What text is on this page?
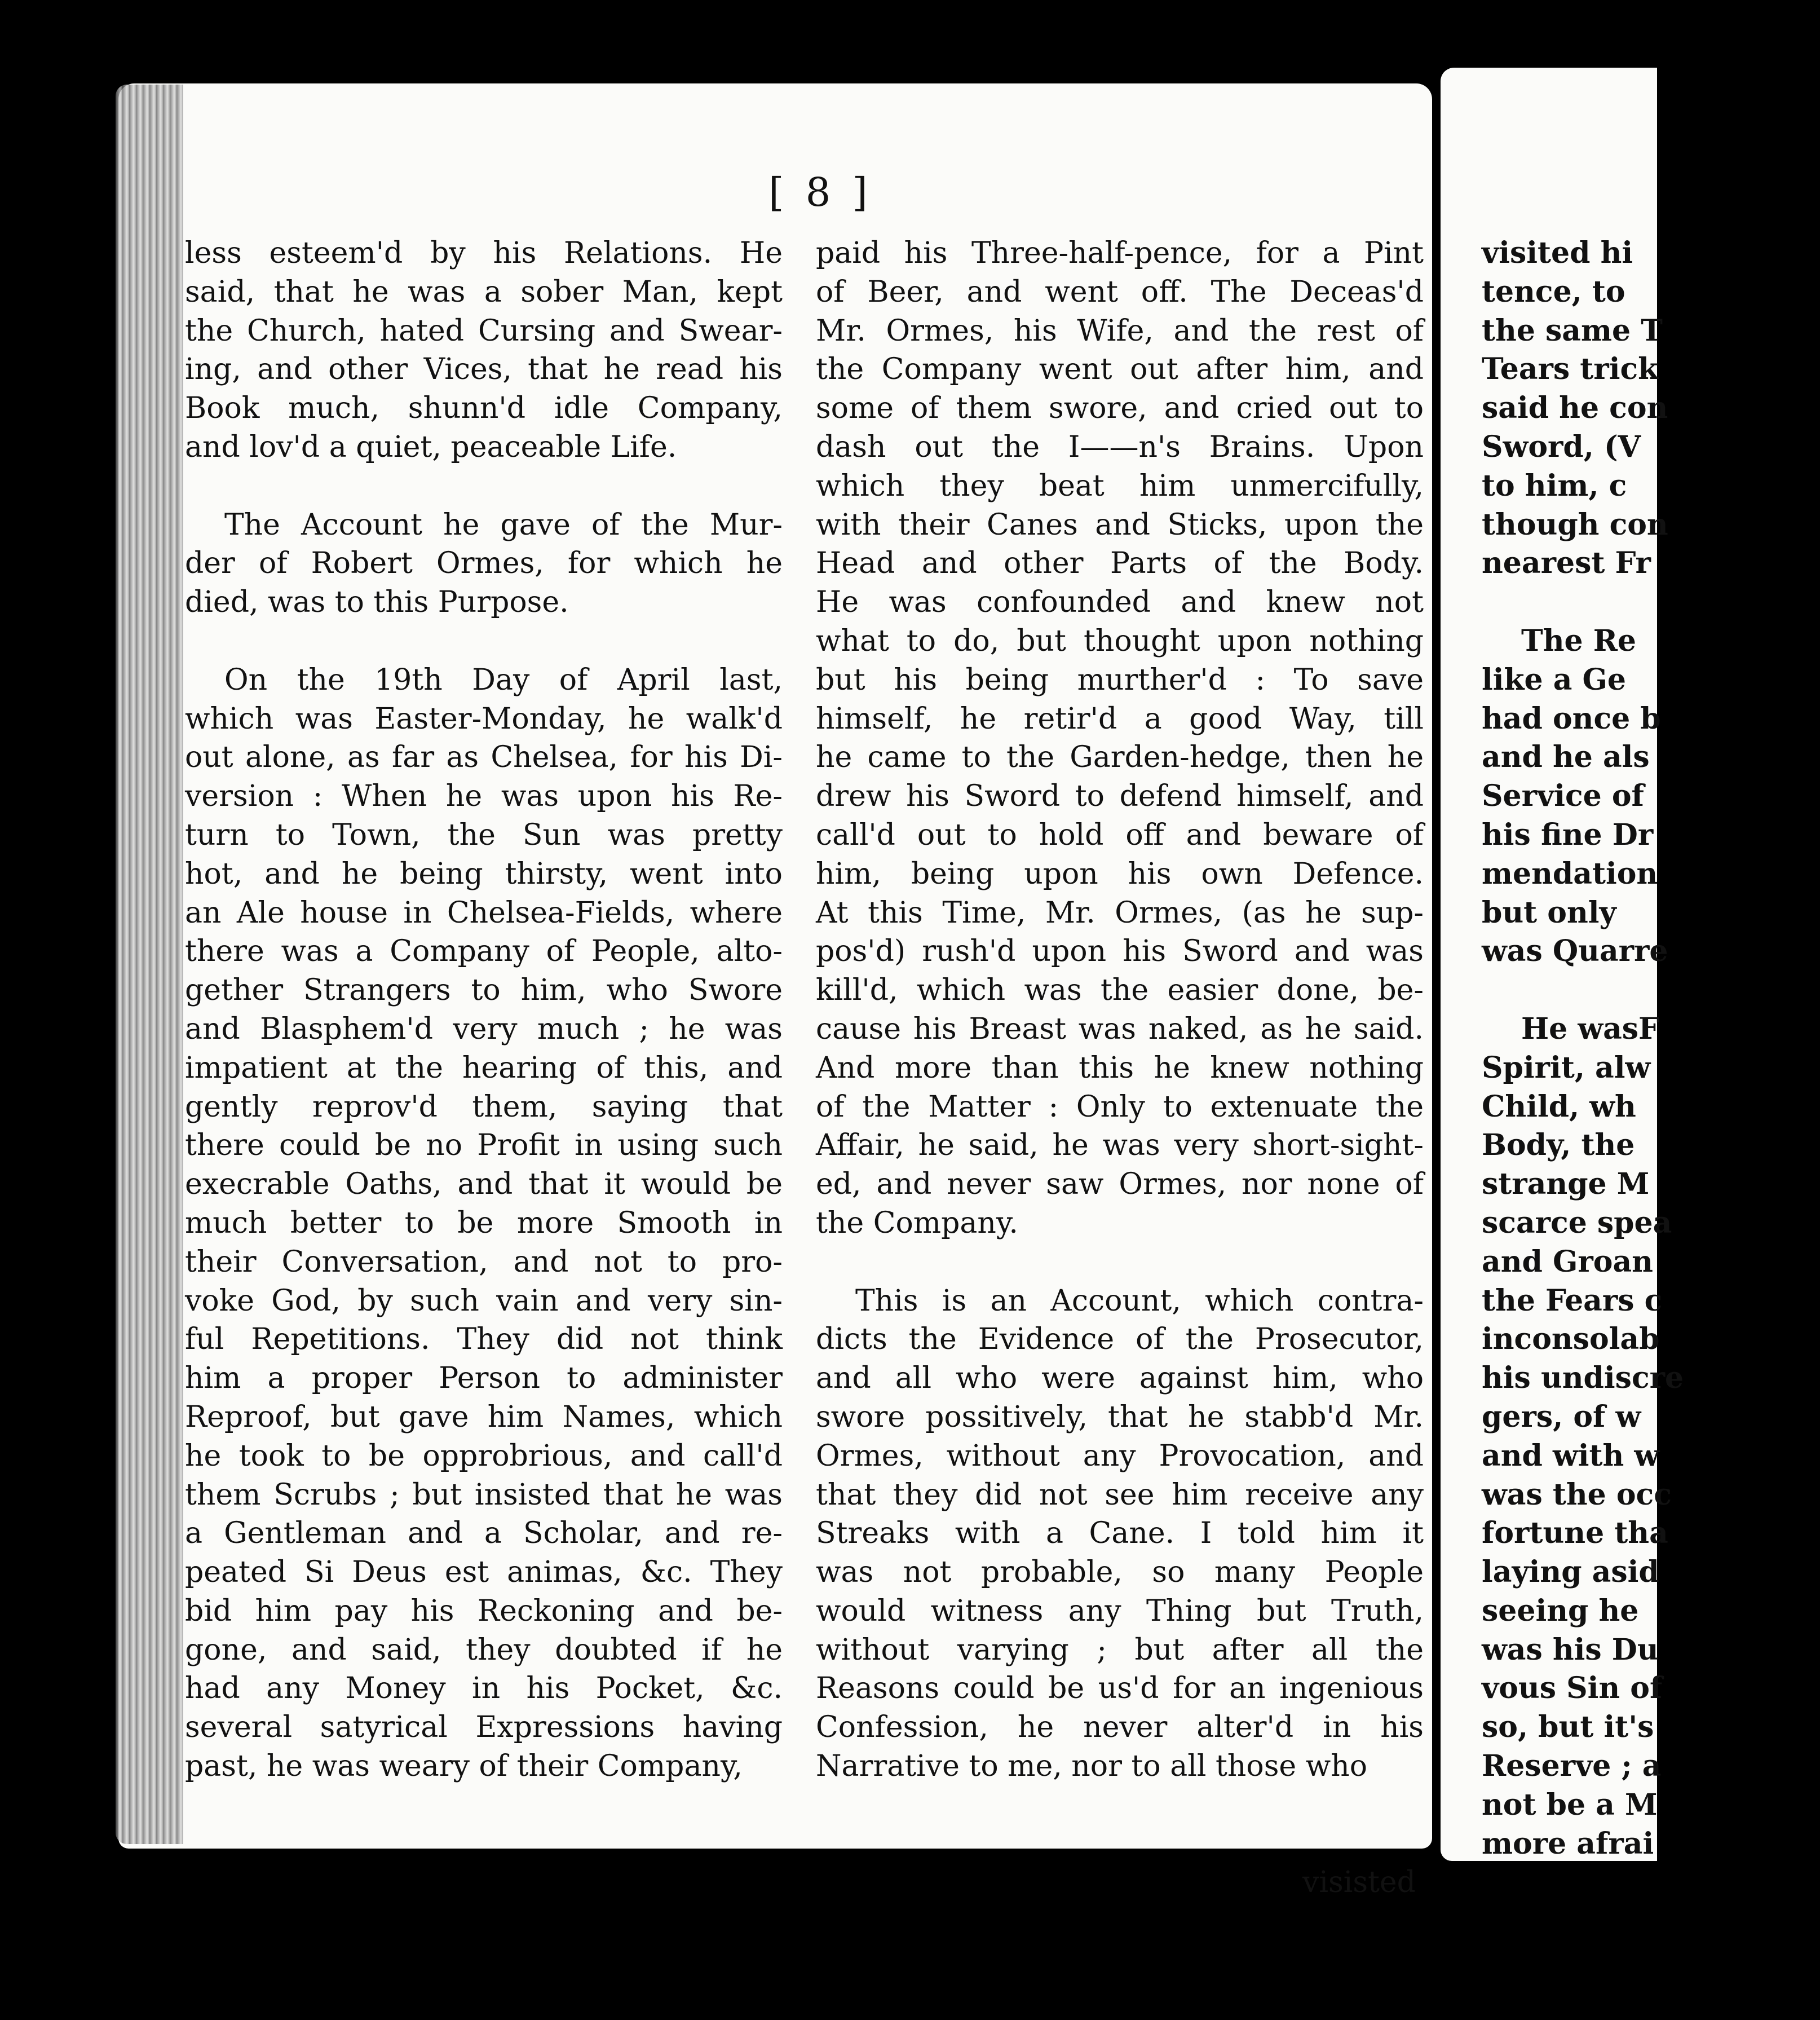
[ 8 ]
less esteem'd by his Relations. He
said, that he was a sober Man, kept
the Church, hated Cursing and Swear-
ing, and other Vices, that he read his
Book much, shunn'd idle Company,
and lov'd a quiet, peaceable Life.
The Account he gave of the Mur-
der of Robert Ormes, for which he
died, was to this Purpose.
On the 19th Day of April last,
which was Easter-Monday, he walk'd
out alone, as far as Chelsea, for his Di-
version : When he was upon his Re-
turn to Town, the Sun was pretty
hot, and he being thirsty, went into
an Ale house in Chelsea-Fields, where
there was a Company of People, alto-
gether Strangers to him, who Swore
and Blasphem'd very much ; he was
impatient at the hearing of this, and
gently reprov'd them, saying that
there could be no Profit in using such
execrable Oaths, and that it would be
much better to be more Smooth in
their Conversation, and not to pro-
voke God, by such vain and very sin-
ful Repetitions. They did not think
him a proper Person to administer
Reproof, but gave him Names, which
he took to be opprobrious, and call'd
them Scrubs ; but insisted that he was
a Gentleman and a Scholar, and re-
peated Si Deus est animas, &c. They
bid him pay his Reckoning and be-
gone, and said, they doubted if he
had any Money in his Pocket, &c.
several satyrical Expressions having
past, he was weary of their Company,
paid his Three-half-pence, for a Pint
of Beer, and went off. The Deceas'd
Mr. Ormes, his Wife, and the rest of
the Company went out after him, and
some of them swore, and cried out to
dash out the I——n's Brains. Upon
which they beat him unmercifully,
with their Canes and Sticks, upon the
Head and other Parts of the Body.
He was confounded and knew not
what to do, but thought upon nothing
but his being murther'd : To save
himself, he retir'd a good Way, till
he came to the Garden-hedge, then he
drew his Sword to defend himself, and
call'd out to hold off and beware of
him, being upon his own Defence.
At this Time, Mr. Ormes, (as he sup-
pos'd) rush'd upon his Sword and was
kill'd, which was the easier done, be-
cause his Breast was naked, as he said.
And more than this he knew nothing
of the Matter : Only to extenuate the
Affair, he said, he was very short-sight-
ed, and never saw Ormes, nor none of
the Company.
This is an Account, which contra-
dicts the Evidence of the Prosecutor,
and all who were against him, who
swore possitively, that he stabb'd Mr.
Ormes, without any Provocation, and
that they did not see him receive any
Streaks with a Cane. I told him it
was not probable, so many People
would witness any Thing but Truth,
without varying ; but after all the
Reasons could be us'd for an ingenious
Confession, he never alter'd in his
Narrative to me, nor to all those who
visited hi
tence, to
the same T
Tears trick
said he con
Sword, (V
to him, c
though con
nearest Fr
The Re
like a Ge
had once b
and he als
Service of
his fine Dr
mendation
but only
was Quarre
He wasF
Spirit, alw
Child, wh
Body, the
strange M
scarce spea
and Groan
the Fears c
inconsolab
his undiscre
gers, of w
and with w
was the occ
fortune tha
laying asid
seeing he
was his Du
vous Sin of
so, but it's
Reserve ; a
not be a M
more afrai
visisted
